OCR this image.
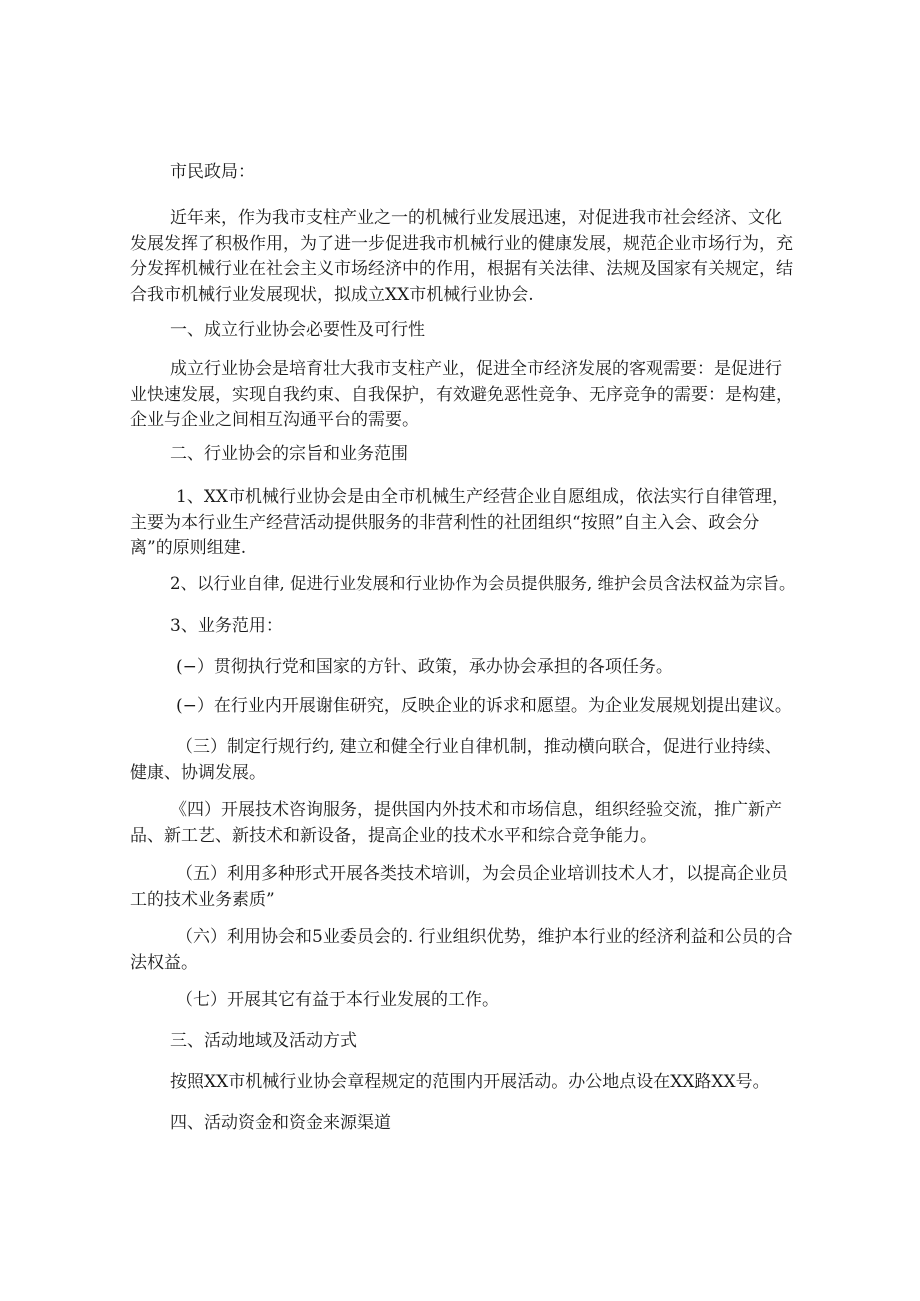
市民政局：

近年来，作为我市支柱产业之一的机械行业发展迅速，对促进我市社会经济、文化发展发挥了积极作用，为了进一步促进我市机械行业的健康发展，规范企业市场行为，充分发挥机械行业在社会主义市场经济中的作用，根据有关法律、法规及国家有关规定，结合我市机械行业发展现状，拟成立XX市机械行业协会.

一、成立行业协会必要性及可行性

成立行业协会是培育壮大我市支柱产业，促进全市经济发展的客观需要：是促进行业快速发展，实现自我约束、自我保护，有效避免恶性竞争、无序竞争的需要：是构建，企业与企业之间相互沟通平台的需要。

二、行业协会的宗旨和业务范围

1、XX市机械行业协会是由全市机械生产经营企业自愿组成，依法实行自律管理，主要为本行业生产经营活动提供服务的非营利性的社团组织“按照”自主入会、政会分离”的原则组建.

2、以行业自律, 促进行业发展和行业协作为会员提供服务, 维护会员含法权益为宗旨。

3、业务范用：

(−）贯彻执行党和国家的方针、政策，承办协会承担的各项任务。

(−）在行业内开展谢隹研究，反映企业的诉求和愿望。为企业发展规划提出建议。

（三）制定行规行约, 建立和健全行业自律机制，推动横向联合，促进行业持续、健康、协调发展。

《四）开展技术咨询服务，提供国内外技术和市场信息，组织经验交流，推广新产品、新工艺、新技术和新设备，提高企业的技术水平和综合竞争能力。

（五）利用多种形式开展各类技术培训，为会员企业培训技术人才，以提高企业员工的技术业务素质”

（六）利用协会和5业委员会的. 行业组织优势，维护本行业的经济利益和公员的合法权益。

（七）开展其它有益于本行业发展的工作。

三、活动地域及活动方式

按照XX市机械行业协会章程规定的范围内开展活动。办公地点设在XX路XX号。

四、活动资金和资金来源渠道
